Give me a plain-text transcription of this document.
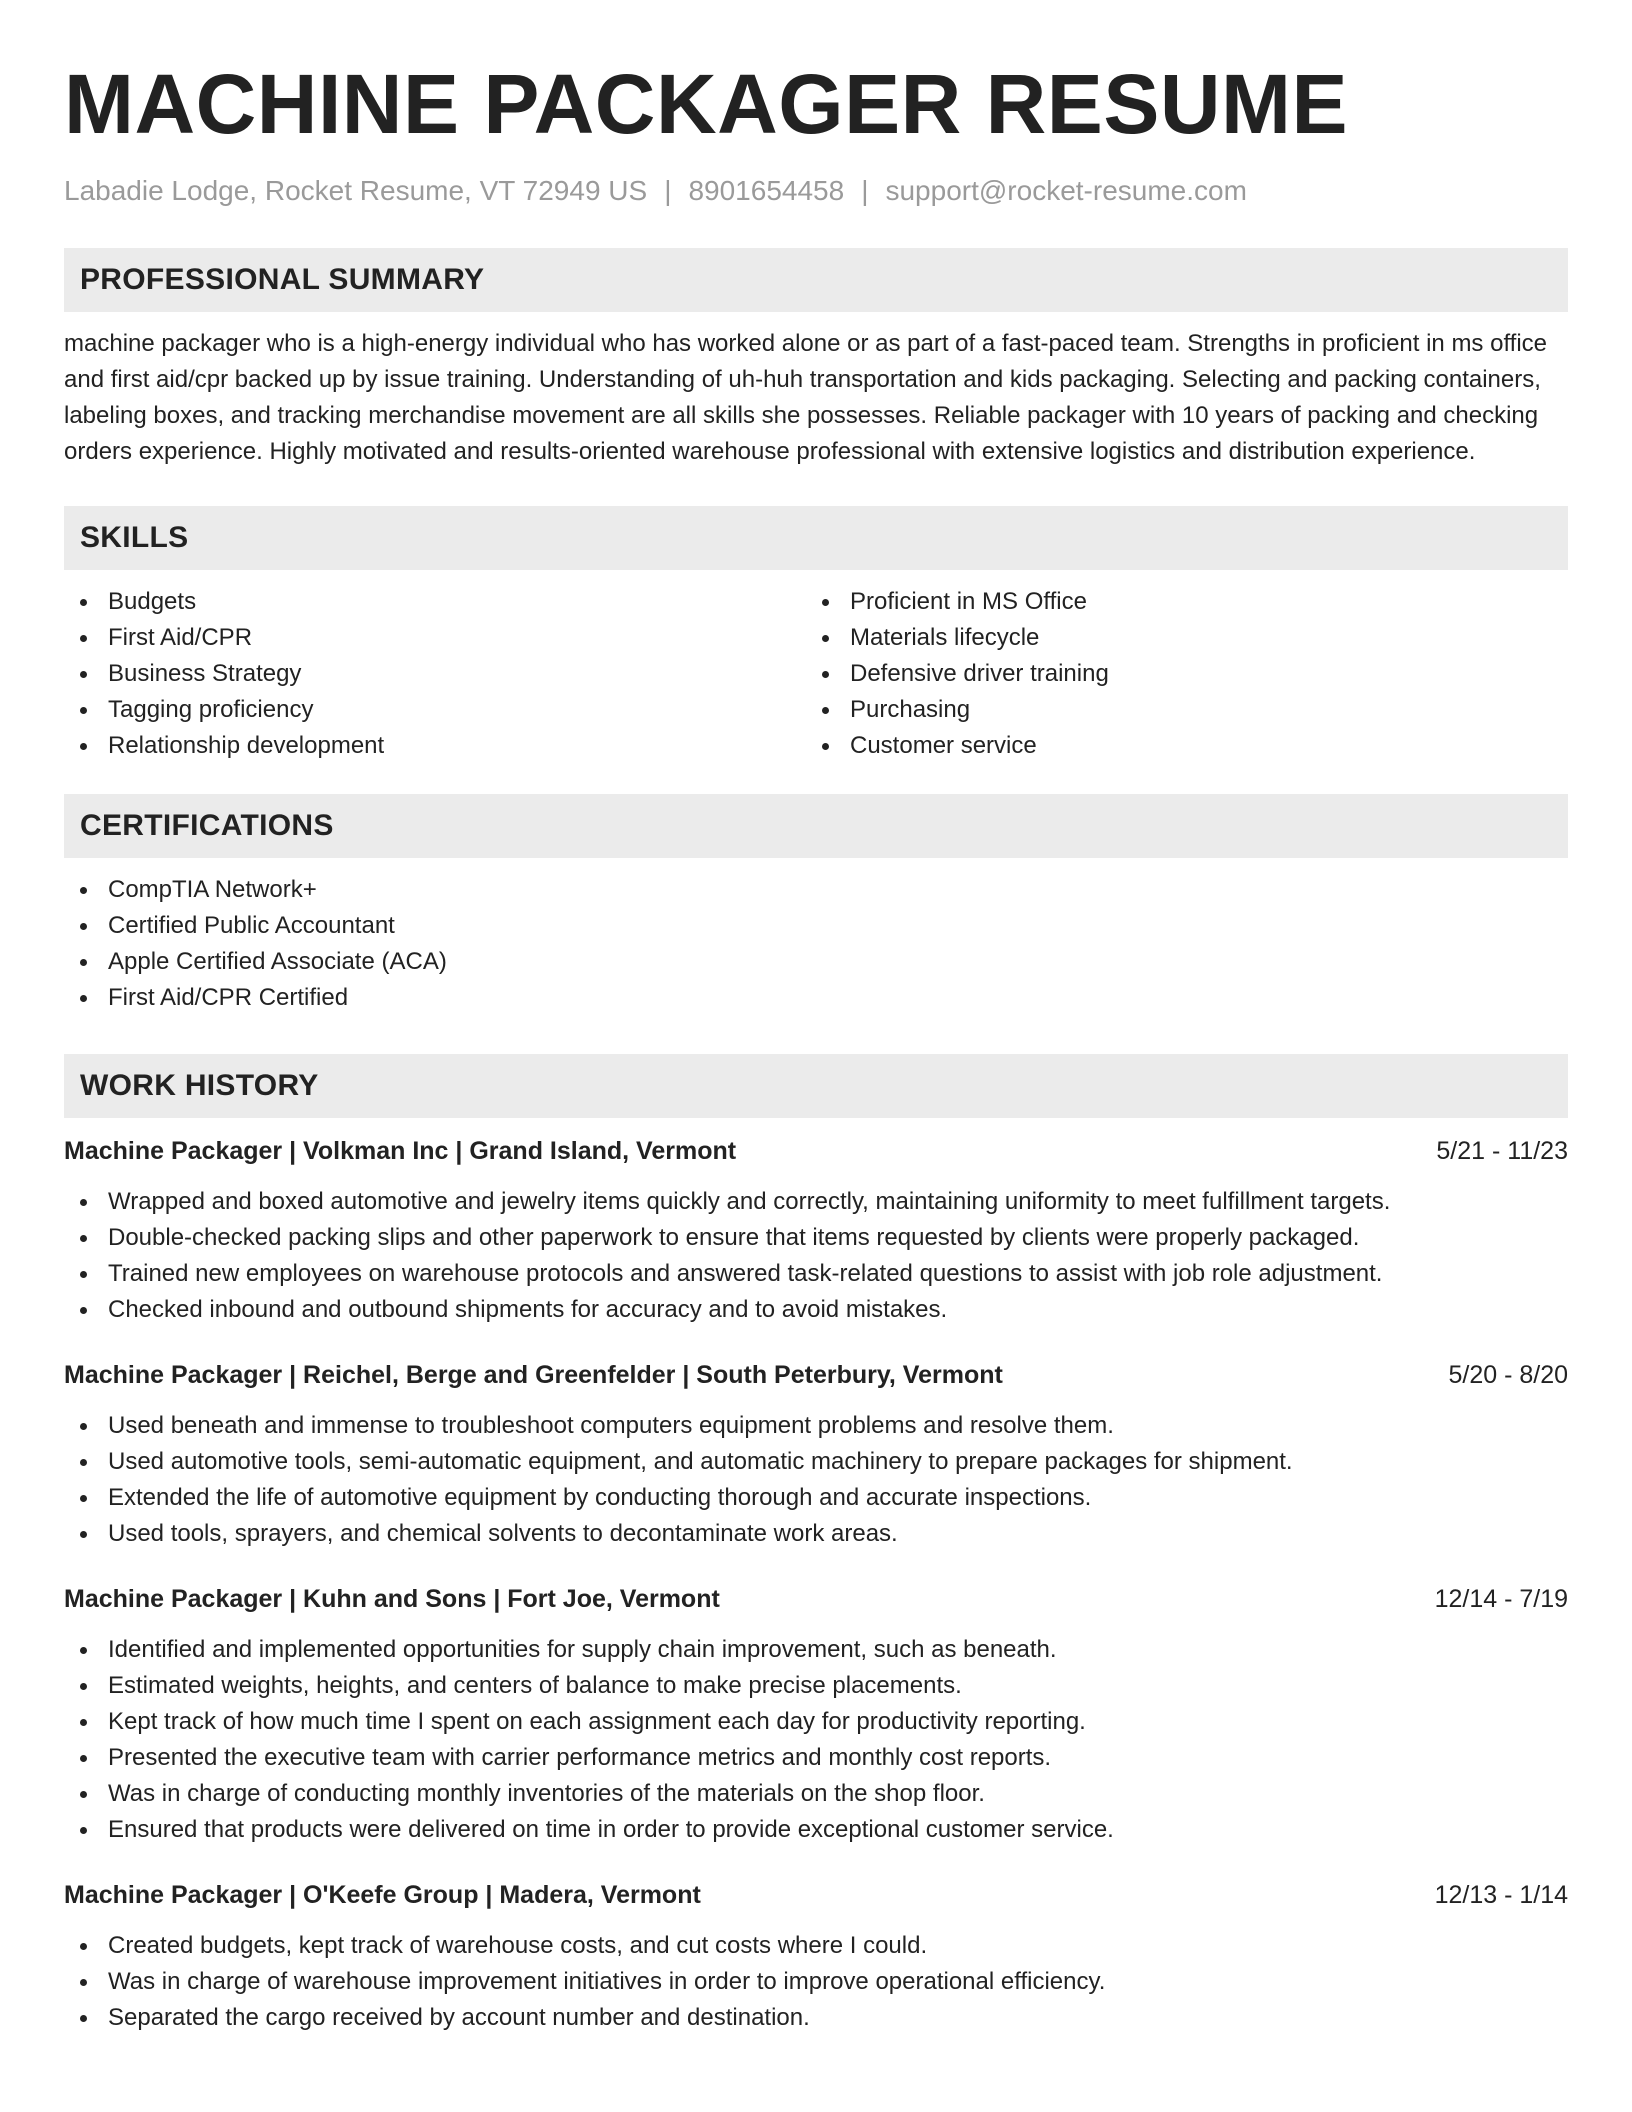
MACHINE PACKAGER RESUME
Labadie Lodge, Rocket Resume, VT 72949 US | 8901654458 | support@rocket-resume.com
PROFESSIONAL SUMMARY

machine packager who is a high-energy individual who has worked alone or as part of a fast-paced team. Strengths in proficient in ms office and first aid/cpr backed up by issue training. Understanding of uh-huh transportation and kids packaging. Selecting and packing containers, labeling boxes, and tracking merchandise movement are all skills she possesses. Reliable packager with 10 years of packing and checking orders experience. Highly motivated and results-oriented warehouse professional with extensive logistics and distribution experience.

SKILLS
Budgets
First Aid/CPR
Business Strategy
Tagging proficiency
Relationship development
Proficient in MS Office
Materials lifecycle
Defensive driver training
Purchasing
Customer service
CERTIFICATIONS
CompTIA Network+
Certified Public Accountant
Apple Certified Associate (ACA)
First Aid/CPR Certified
WORK HISTORY
Machine Packager | Volkman Inc | Grand Island, Vermont	5/21 - 11/23
Wrapped and boxed automotive and jewelry items quickly and correctly, maintaining uniformity to meet fulfillment targets.
Double-checked packing slips and other paperwork to ensure that items requested by clients were properly packaged.
Trained new employees on warehouse protocols and answered task-related questions to assist with job role adjustment.
Checked inbound and outbound shipments for accuracy and to avoid mistakes.
Machine Packager | Reichel, Berge and Greenfelder | South Peterbury, Vermont	5/20 - 8/20
Used beneath and immense to troubleshoot computers equipment problems and resolve them.
Used automotive tools, semi-automatic equipment, and automatic machinery to prepare packages for shipment.
Extended the life of automotive equipment by conducting thorough and accurate inspections.
Used tools, sprayers, and chemical solvents to decontaminate work areas.
Machine Packager | Kuhn and Sons | Fort Joe, Vermont	12/14 - 7/19
Identified and implemented opportunities for supply chain improvement, such as beneath.
Estimated weights, heights, and centers of balance to make precise placements.
Kept track of how much time I spent on each assignment each day for productivity reporting.
Presented the executive team with carrier performance metrics and monthly cost reports.
Was in charge of conducting monthly inventories of the materials on the shop floor.
Ensured that products were delivered on time in order to provide exceptional customer service.
Machine Packager | O'Keefe Group | Madera, Vermont	12/13 - 1/14
Created budgets, kept track of warehouse costs, and cut costs where I could.
Was in charge of warehouse improvement initiatives in order to improve operational efficiency.
Separated the cargo received by account number and destination.
